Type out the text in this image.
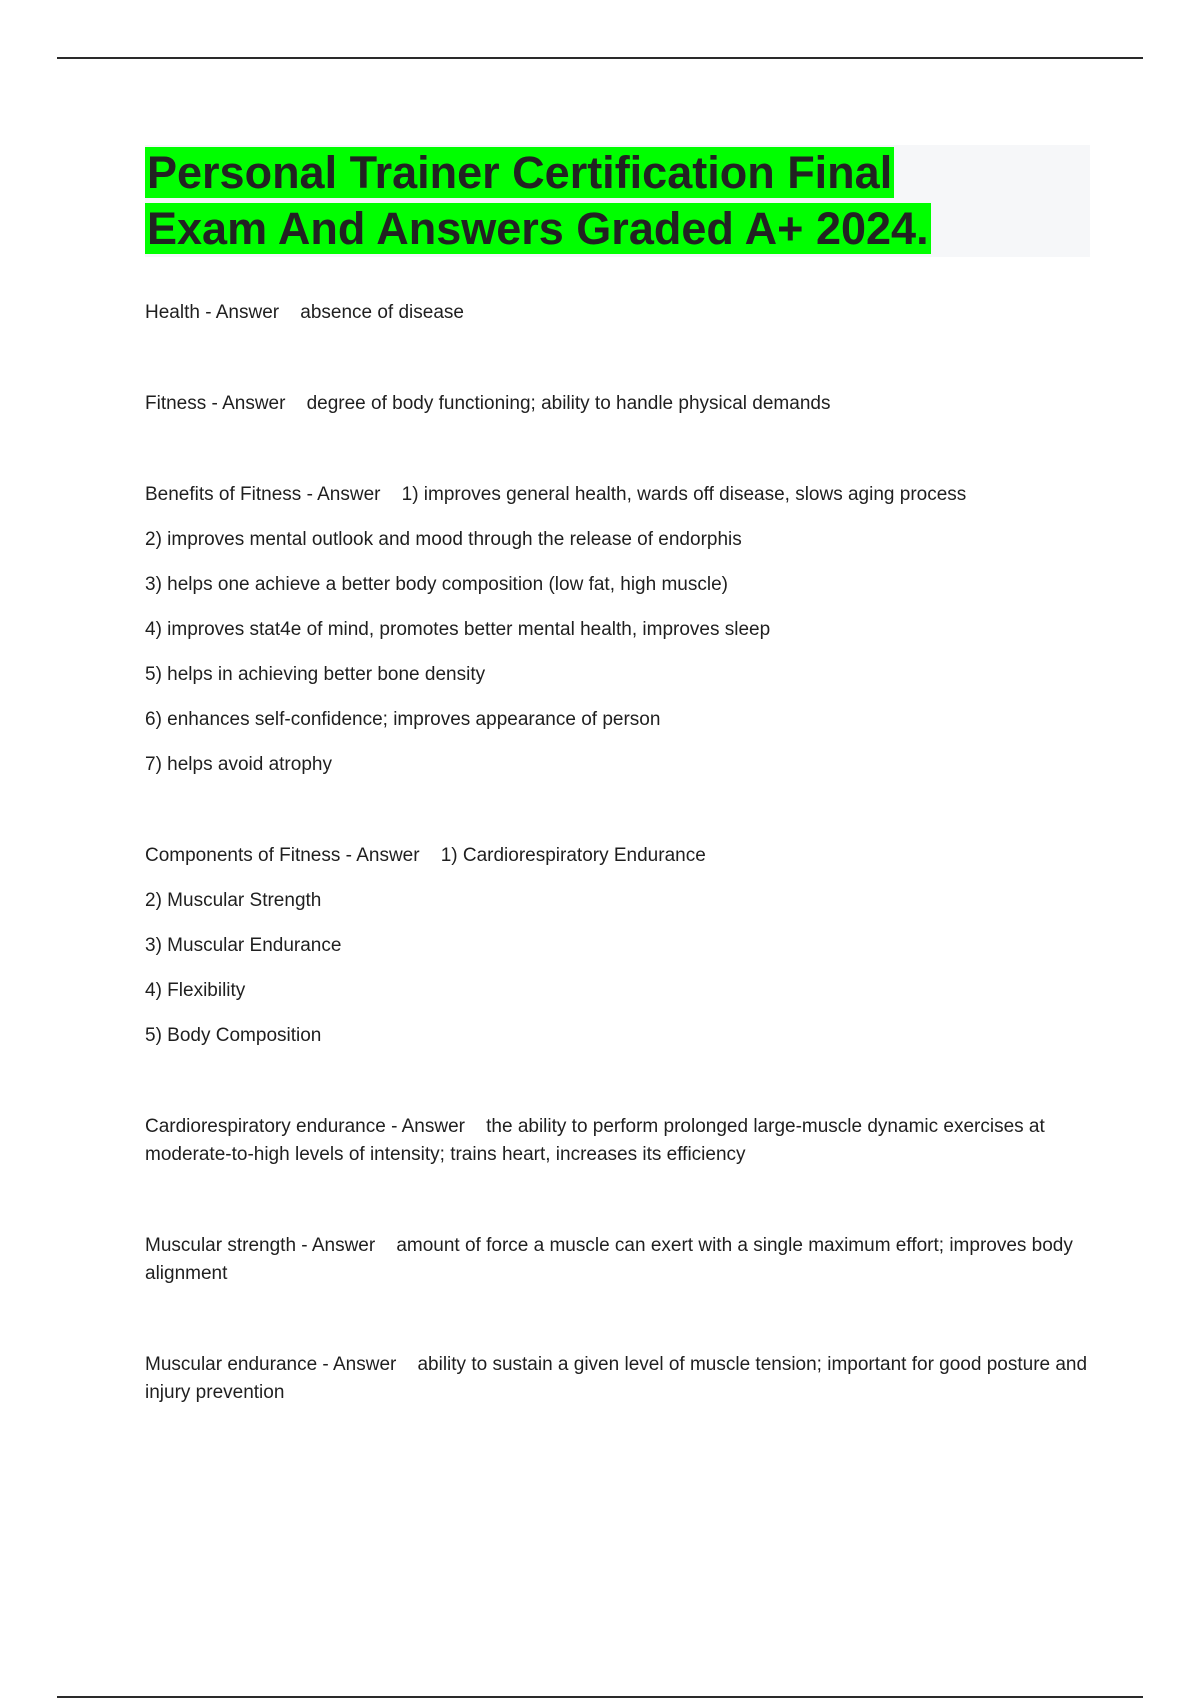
Personal Trainer Certification Final
Exam And Answers Graded A+ 2024.
Health - Answer absence of disease
Fitness - Answer degree of body functioning; ability to handle physical demands
Benefits of Fitness - Answer 1) improves general health, wards off disease, slows aging process
2) improves mental outlook and mood through the release of endorphis
3) helps one achieve a better body composition (low fat, high muscle)
4) improves stat4e of mind, promotes better mental health, improves sleep
5) helps in achieving better bone density
6) enhances self-confidence; improves appearance of person
7) helps avoid atrophy
Components of Fitness - Answer 1) Cardiorespiratory Endurance
2) Muscular Strength
3) Muscular Endurance
4) Flexibility
5) Body Composition
Cardiorespiratory endurance - Answer the ability to perform prolonged large-muscle dynamic exercises at moderate-to-high levels of intensity; trains heart, increases its efficiency
Muscular strength - Answer amount of force a muscle can exert with a single maximum effort; improves body alignment
Muscular endurance - Answer ability to sustain a given level of muscle tension; important for good posture and injury prevention
